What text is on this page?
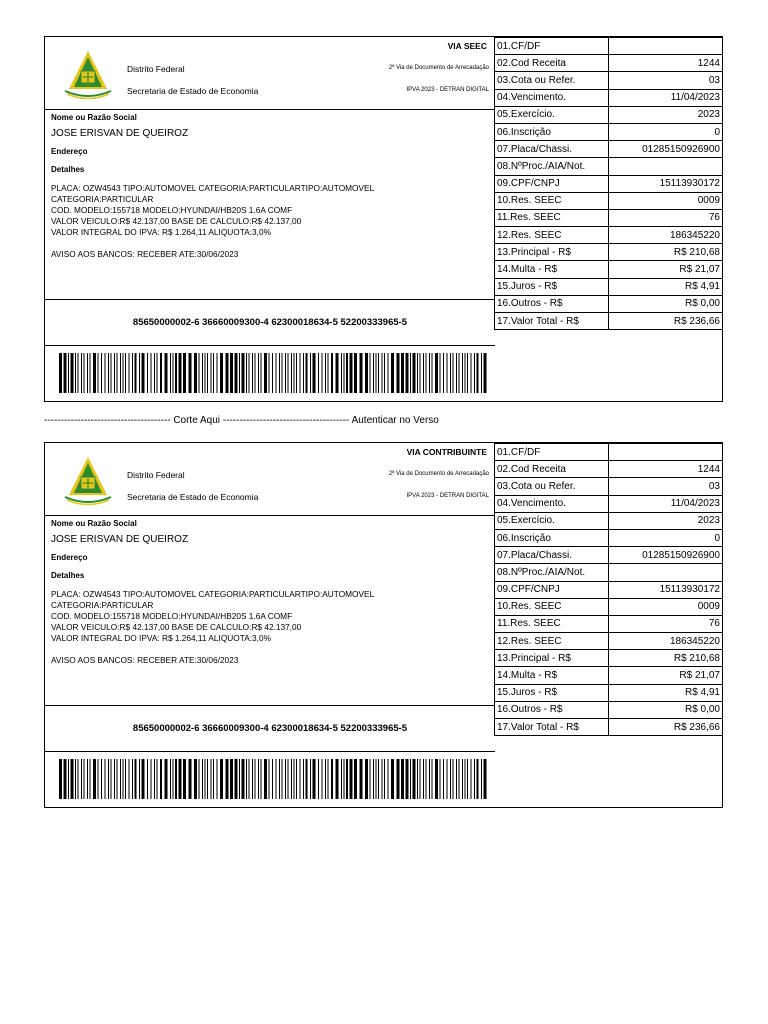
VIA SEEC
Distrito Federal
Secretaria de Estado de Economia
2ª Via de Documento de Arrecadação
IPVA 2023 - DETRAN DIGITAL
Nome ou Razão Social
JOSE ERISVAN DE QUEIROZ
Endereço
Detalhes
PLACA: OZW4543 TIPO:AUTOMOVEL CATEGORIA:PARTICULARTIPO:AUTOMOVEL
CATEGORIA:PARTICULAR
COD. MODELO:155718 MODELO:HYUNDAI/HB20S 1.6A COMF
VALOR VEICULO:R$ 42.137,00 BASE DE CALCULO:R$ 42.137,00
VALOR INTEGRAL DO IPVA: R$ 1.264,11 ALIQUOTA:3,0%
AVISO AOS BANCOS: RECEBER ATE:30/06/2023
85650000002-6 36660009300-4 62300018634-5 52200333965-5
01.CF/DF	
02.Cod Receita	1244
03.Cota ou Refer.	03
04.Vencimento.	11/04/2023
05.Exercício.	2023
06.Inscrição	0
07.Placa/Chassi.	01285150926900
08.NºProc./AIA/Not.	
09.CPF/CNPJ	15113930172
10.Res. SEEC	0009
11.Res. SEEC	76
12.Res. SEEC	186345220
13.Principal - R$	R$ 210,68
14.Multa - R$	R$ 21,07
15.Juros - R$	R$ 4,91
16.Outros - R$	R$ 0,00
17.Valor Total - R$	R$ 236,66
-------------------------------------- Corte Aqui -------------------------------------- Autenticar no Verso
VIA CONTRIBUINTE
Distrito Federal
Secretaria de Estado de Economia
2ª Via de Documento de Arrecadação
IPVA 2023 - DETRAN DIGITAL
Nome ou Razão Social
JOSE ERISVAN DE QUEIROZ
Endereço
Detalhes
PLACA: OZW4543 TIPO:AUTOMOVEL CATEGORIA:PARTICULARTIPO:AUTOMOVEL
CATEGORIA:PARTICULAR
COD. MODELO:155718 MODELO:HYUNDAI/HB20S 1.6A COMF
VALOR VEICULO:R$ 42.137,00 BASE DE CALCULO:R$ 42.137,00
VALOR INTEGRAL DO IPVA: R$ 1.264,11 ALIQUOTA:3,0%
AVISO AOS BANCOS: RECEBER ATE:30/06/2023
85650000002-6 36660009300-4 62300018634-5 52200333965-5
01.CF/DF	
02.Cod Receita	1244
03.Cota ou Refer.	03
04.Vencimento.	11/04/2023
05.Exercício.	2023
06.Inscrição	0
07.Placa/Chassi.	01285150926900
08.NºProc./AIA/Not.	
09.CPF/CNPJ	15113930172
10.Res. SEEC	0009
11.Res. SEEC	76
12.Res. SEEC	186345220
13.Principal - R$	R$ 210,68
14.Multa - R$	R$ 21,07
15.Juros - R$	R$ 4,91
16.Outros - R$	R$ 0,00
17.Valor Total - R$	R$ 236,66
